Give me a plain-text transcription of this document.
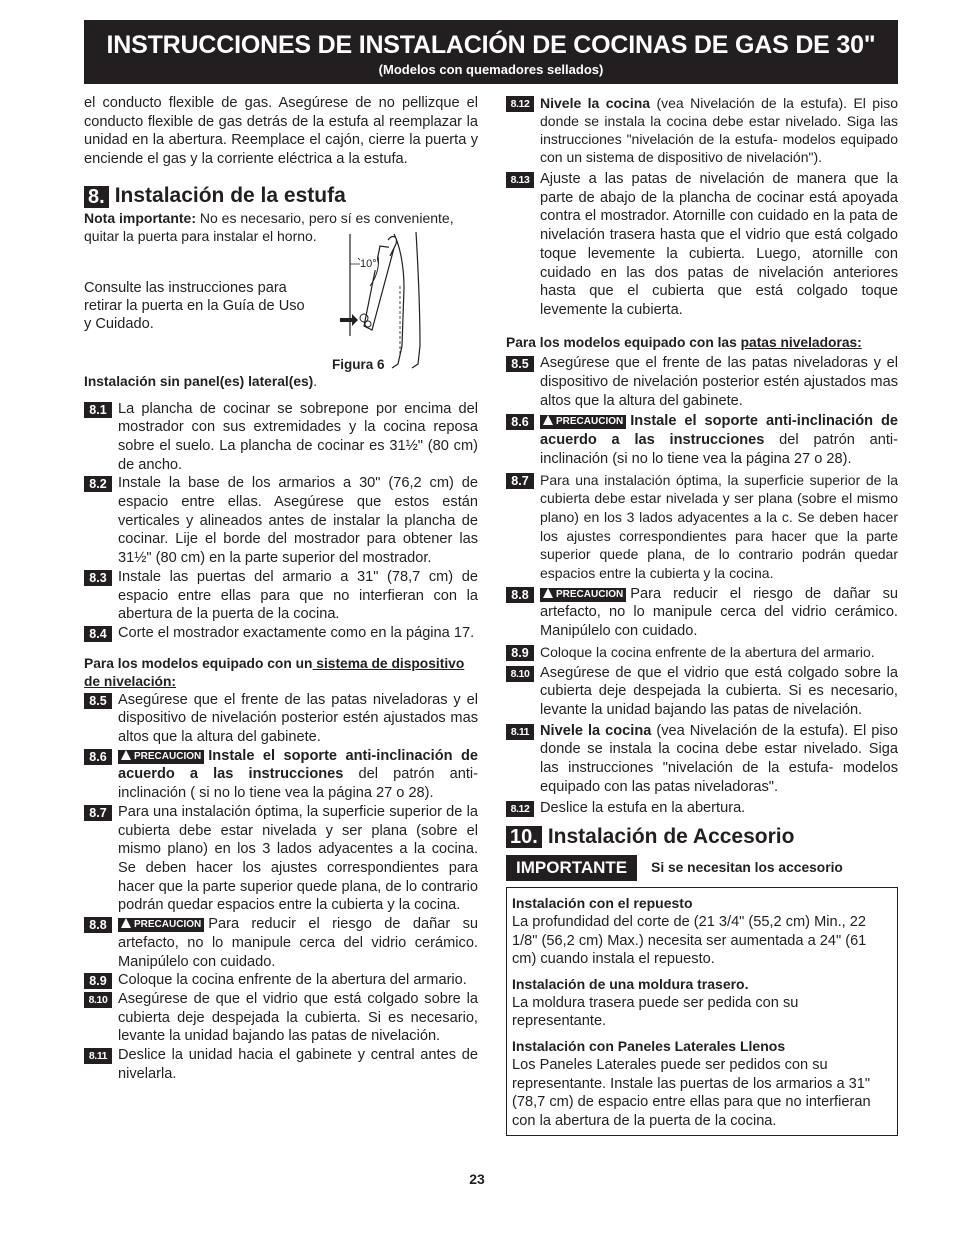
INSTRUCCIONES DE INSTALACIÓN DE COCINAS DE GAS DE 30"
(Modelos con quemadores sellados)

el conducto flexible de gas. Asegúrese de no pellizque el conducto flexible de gas detrás de la estufa al reemplazar la unidad en la abertura. Reemplace el cajón, cierre la puerta y enciende el gas y la corriente eléctrica a la estufa.

8. Instalación de la estufa

Nota importante: No es necesario, pero sí es conveniente, quitar la puerta para instalar el horno.

Consulte las instrucciones para retirar la puerta en la Guía de Uso y Cuidado.

Instalación sin panel(es) lateral(es).

8.1 La plancha de cocinar se sobrepone por encima del mostrador con sus extremidades y la cocina reposa sobre el suelo. La plancha de cocinar es 31½" (80 cm) de ancho.
8.2 Instale la base de los armarios a 30" (76,2 cm) de espacio entre ellas. Asegúrese que estos están verticales y alineados antes de instalar la plancha de cocinar. Lije el borde del mostrador para obtener las 31½" (80 cm) en la parte superior del mostrador.
8.3 Instale las puertas del armario a 31" (78,7 cm) de espacio entre ellas para que no interfieran con la abertura de la puerta de la cocina.
8.4 Corte el mostrador exactamente como en la página 17.

Para los modelos equipado con un sistema de dispositivo de nivelación:

8.5 Asegúrese que el frente de las patas niveladoras y el dispositivo de nivelación posterior estén ajustados mas altos que la altura del gabinete.
8.6	PRECAUCION Instale el soporte anti-inclinación de acuerdo a las instrucciones del patrón anti-inclinación ( si no lo tiene vea la página 27 o 28).
8.7 Para una instalación óptima, la superficie superior de la cubierta debe estar nivelada y ser plana (sobre el mismo plano) en los 3 lados adyacentes a la cocina. Se deben hacer los ajustes correspondientes para hacer que la parte superior quede plana, de lo contrario podrán quedar espacios entre la cubierta y la cocina.
8.8	PRECAUCION Para reducir el riesgo de dañar su artefacto, no lo manipule cerca del vidrio cerámico. Manipúlelo con cuidado.
8.9 Coloque la cocina enfrente de la abertura del armario.
8.10 Asegúrese de que el vidrio que está colgado sobre la cubierta deje despejada la cubierta. Si es necesario, levante la unidad bajando las patas de nivelación.
8.11 Deslice la unidad hacia el gabinete y central antes de nivelarla.
10°
Figura 6
8.12 Nivele la cocina (vea Nivelación de la estufa). El piso donde se instala la cocina debe estar nivelado. Siga las instrucciones "nivelación de la estufa- modelos equipado con un sistema de dispositivo de nivelación").
8.13 Ajuste a las patas de nivelación de manera que la parte de abajo de la plancha de cocinar está apoyada contra el mostrador. Atornille con cuidado en la pata de nivelación trasera hasta que el vidrio que está colgado toque levemente la cubierta. Luego, atornille con cuidado en las dos patas de nivelación anteriores hasta que el cubierta que está colgado toque levemente la cubierta.

Para los modelos equipado con las patas niveladoras:

8.5 Asegúrese que el frente de las patas niveladoras y el dispositivo de nivelación posterior estén ajustados mas altos que la altura del gabinete.
8.6	PRECAUCION Instale el soporte anti-inclinación de acuerdo a las instrucciones del patrón anti-inclinación (si no lo tiene vea la página 27 o 28).
8.7 Para una instalación óptima, la superficie superior de la cubierta debe estar nivelada y ser plana (sobre el mismo plano) en los 3 lados adyacentes a la c. Se deben hacer los ajustes correspondientes para hacer que la parte superior quede plana, de lo contrario podrán quedar espacios entre la cubierta y la cocina.
8.8	PRECAUCION Para reducir el riesgo de dañar su artefacto, no lo manipule cerca del vidrio cerámico. Manipúlelo con cuidado.
8.9 Coloque la cocina enfrente de la abertura del armario.
8.10 Asegúrese de que el vidrio que está colgado sobre la cubierta deje despejada la cubierta. Si es necesario, levante la unidad bajando las patas de nivelación.
8.11 Nivele la cocina (vea Nivelación de la estufa). El piso donde se instala la cocina debe estar nivelado. Siga las instrucciones "nivelación de la estufa- modelos equipado con las patas niveladoras".
8.12 Deslice la estufa en la abertura.
10. Instalación de Accesorio
IMPORTANTE	Si se necesitan los accesorio

Instalación con el repuesto

La profundidad del corte de (21 3/4" (55,2 cm) Min., 22 1/8" (56,2 cm) Max.) necesita ser aumentada a 24" (61 cm) cuando instala el repuesto.

Instalación de una moldura trasero.

La moldura trasera puede ser pedida con su representante.

Instalación con Paneles Laterales Llenos

Los Paneles Laterales puede ser pedidos con su representante. Instale las puertas de los armarios a 31" (78,7 cm) de espacio entre ellas para que no interfieran con la abertura de la puerta de la cocina.

23
